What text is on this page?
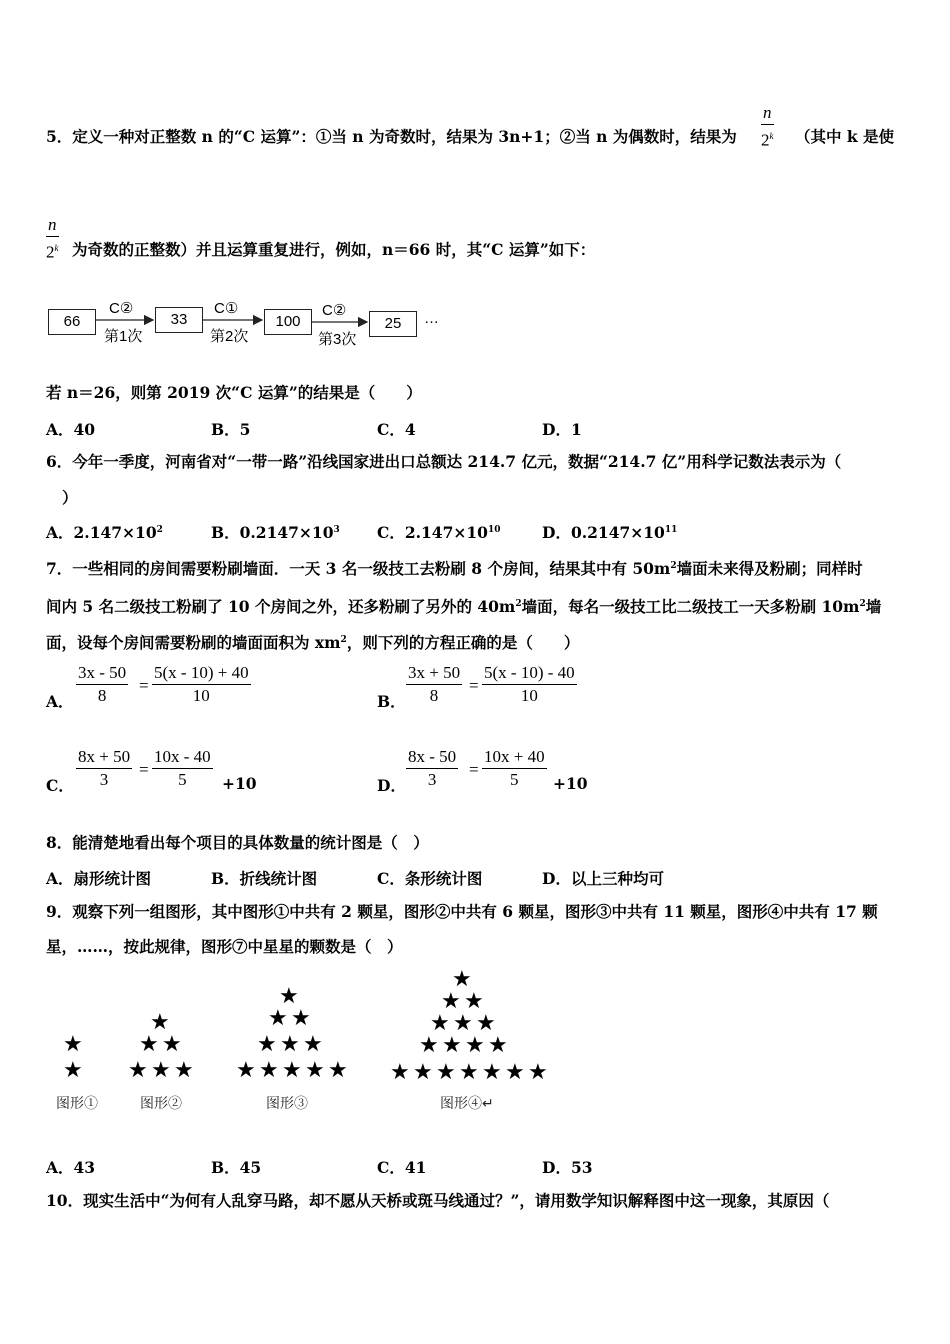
5．定义一种对正整数 n 的“C 运算”：①当 n 为奇数时，结果为 3n+1；②当 n 为偶数时，结果为 $\frac{n}{2^k}$ （其中 k 是使
$\frac{n}{2^k}$ 为奇数的正整数）并且运算重复进行，例如，n＝66 时，其“C 运算”如下：
66	33	100	25
C②	C①	C②
第1次	第2次	第3次
…
若 n＝26，则第 2019 次“C 运算”的结果是（　　）
A．40	B．5	C．4	D．1
6．今年一季度，河南省对“一带一路”沿线国家进出口总额达 214.7 亿元，数据“214.7 亿”用科学记数法表示为（
）
A．$2.147\times 10^2$	B．$0.2147\times 10^3$ C．$2.147\times 10^{10}$	D．$0.2147\times 10^{11}$
7．一些相同的房间需要粉刷墙面．一天 3 名一级技工去粉刷 8 个房间，结果其中有 $50m^2$墙面未来得及粉刷；同样时
间内 5 名二级技工粉刷了 10 个房间之外，还多粉刷了另外的 $40m^2$墙面，每名一级技工比二级技工一天多粉刷 $10m^2$墙
面，设每个房间需要粉刷的墙面面积为 $xm^2$，则下列的方程正确的是（　　）
A． $\frac{3x - 50}{8} = \frac{5(x - 10) + 40}{10}$	B． $\frac{3x + 50}{8} = \frac{5(x - 10) - 40}{10}$
C． $\frac{8x + 50}{3} = \frac{10x - 40}{5} +10$	D． $\frac{8x - 50}{3} = \frac{10x + 40}{5} +10$
8．能清楚地看出每个项目的具体数量的统计图是（　）
A．扇形统计图	B．折线统计图	C．条形统计图	D．以上三种均可
9．观察下列一组图形，其中图形①中共有 2 颗星，图形②中共有 6 颗星，图形③中共有 11 颗星，图形④中共有 17 颗
星，……，按此规律，图形⑦中星星的颗数是（　）
★
★
★
★ ★
★ ★ ★
★
★ ★
★ ★ ★
★ ★ ★ ★ ★
★
★ ★
★ ★ ★
★ ★ ★ ★
★ ★ ★ ★ ★ ★ ★
图形①	图形②	图形③	图形④↵
A．43	B．45	C．41	D．53
10．现实生活中“为何有人乱穿马路，却不愿从天桥或斑马线通过？”，请用数学知识解释图中这一现象，其原因（
